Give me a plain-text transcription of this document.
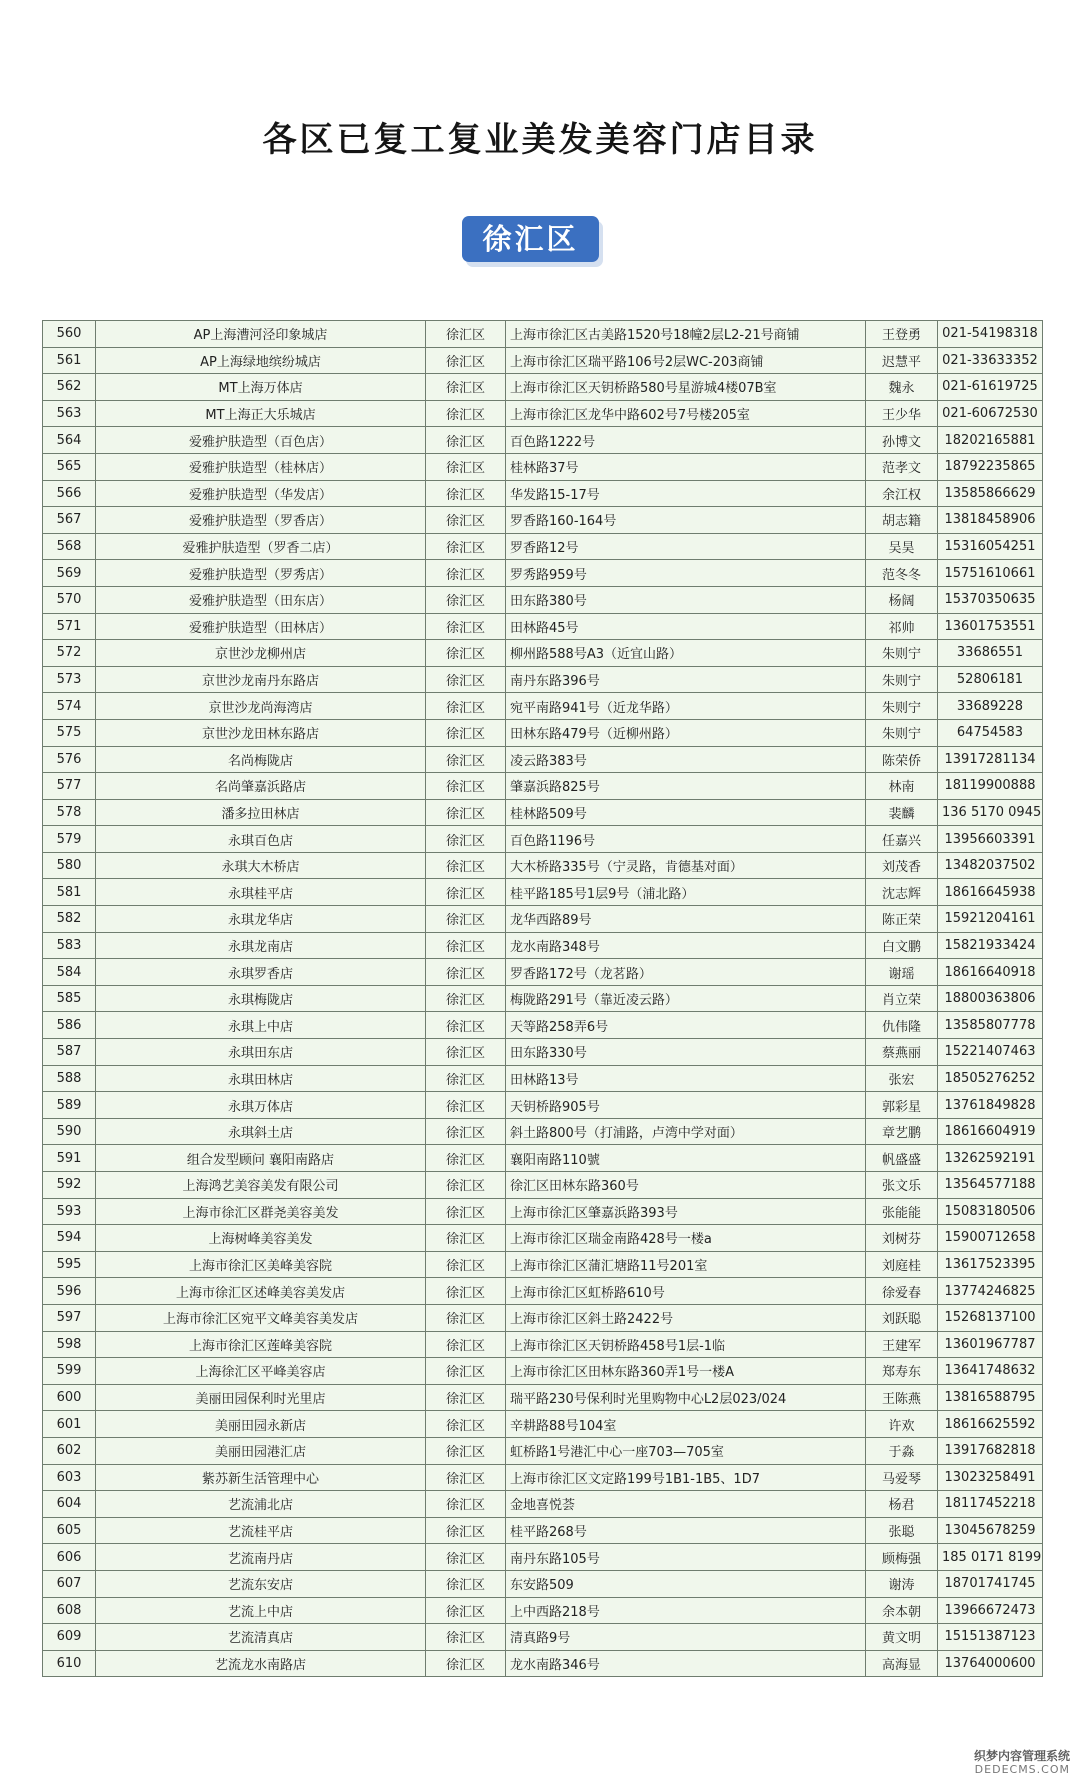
各区已复工复业美发美容门店目录
徐汇区
560	AP上海漕河泾印象城店	徐汇区	上海市徐汇区古美路1520号18幢2层L2-21号商铺	王登勇	021-54198318
561	AP上海绿地缤纷城店	徐汇区	上海市徐汇区瑞平路106号2层WC-203商铺	迟慧平	021-33633352
562	MT上海万体店	徐汇区	上海市徐汇区天钥桥路580号星游城4楼07B室	魏永	021-61619725
563	MT上海正大乐城店	徐汇区	上海市徐汇区龙华中路602号7号楼205室	王少华	021-60672530
564	爱雅护肤造型（百色店）	徐汇区	百色路1222号	孙博文	18202165881
565	爱雅护肤造型（桂林店）	徐汇区	桂林路37号	范孝文	18792235865
566	爱雅护肤造型（华发店）	徐汇区	华发路15-17号	余江权	13585866629
567	爱雅护肤造型（罗香店）	徐汇区	罗香路160-164号	胡志籍	13818458906
568	爱雅护肤造型（罗香二店）	徐汇区	罗香路12号	吴昊	15316054251
569	爱雅护肤造型（罗秀店）	徐汇区	罗秀路959号	范冬冬	15751610661
570	爱雅护肤造型（田东店）	徐汇区	田东路380号	杨阔	15370350635
571	爱雅护肤造型（田林店）	徐汇区	田林路45号	祁帅	13601753551
572	京世沙龙柳州店	徐汇区	柳州路588号A3（近宜山路）	朱则宁	33686551
573	京世沙龙南丹东路店	徐汇区	南丹东路396号	朱则宁	52806181
574	京世沙龙尚海湾店	徐汇区	宛平南路941号（近龙华路）	朱则宁	33689228
575	京世沙龙田林东路店	徐汇区	田林东路479号（近柳州路）	朱则宁	64754583
576	名尚梅陇店	徐汇区	凌云路383号	陈荣侨	13917281134
577	名尚肇嘉浜路店	徐汇区	肇嘉浜路825号	林南	18119900888
578	潘多拉田林店	徐汇区	桂林路509号	裴麟	136 5170 0945
579	永琪百色店	徐汇区	百色路1196号	任嘉兴	13956603391
580	永琪大木桥店	徐汇区	大木桥路335号（宁灵路，肯德基对面）	刘茂香	13482037502
581	永琪桂平店	徐汇区	桂平路185号1层9号（浦北路）	沈志辉	18616645938
582	永琪龙华店	徐汇区	龙华西路89号	陈正荣	15921204161
583	永琪龙南店	徐汇区	龙水南路348号	白文鹏	15821933424
584	永琪罗香店	徐汇区	罗香路172号（龙茗路）	谢瑶	18616640918
585	永琪梅陇店	徐汇区	梅陇路291号（靠近凌云路）	肖立荣	18800363806
586	永琪上中店	徐汇区	天等路258弄6号	仇伟隆	13585807778
587	永琪田东店	徐汇区	田东路330号	蔡燕丽	15221407463
588	永琪田林店	徐汇区	田林路13号	张宏	18505276252
589	永琪万体店	徐汇区	天钥桥路905号	郭彩星	13761849828
590	永琪斜土店	徐汇区	斜土路800号（打浦路，卢湾中学对面）	章艺鹏	18616604919
591	组合发型顾问 襄阳南路店	徐汇区	襄阳南路110號	帆盛盛	13262592191
592	上海鸿艺美容美发有限公司	徐汇区	徐汇区田林东路360号	张文乐	13564577188
593	上海市徐汇区群尧美容美发	徐汇区	上海市徐汇区肇嘉浜路393号	张能能	15083180506
594	上海树峰美容美发	徐汇区	上海市徐汇区瑞金南路428号一楼a	刘树芬	15900712658
595	上海市徐汇区美峰美容院	徐汇区	上海市徐汇区蒲汇塘路11号201室	刘庭桂	13617523395
596	上海市徐汇区述峰美容美发店	徐汇区	上海市徐汇区虹桥路610号	徐爱春	13774246825
597	上海市徐汇区宛平文峰美容美发店	徐汇区	上海市徐汇区斜土路2422号	刘跃聪	15268137100
598	上海市徐汇区莲峰美容院	徐汇区	上海市徐汇区天钥桥路458号1层-1临	王建军	13601967787
599	上海徐汇区平峰美容店	徐汇区	上海市徐汇区田林东路360弄1号一楼A	郑寿东	13641748632
600	美丽田园保利时光里店	徐汇区	瑞平路230号保利时光里购物中心L2层023/024	王陈燕	13816588795
601	美丽田园永新店	徐汇区	辛耕路88号104室	许欢	18616625592
602	美丽田园港汇店	徐汇区	虹桥路1号港汇中心一座703—705室	于淼	13917682818
603	紫苏新生活管理中心	徐汇区	上海市徐汇区文定路199号1B1-1B5、1D7	马爱琴	13023258491
604	艺流浦北店	徐汇区	金地喜悦荟	杨君	18117452218
605	艺流桂平店	徐汇区	桂平路268号	张聪	13045678259
606	艺流南丹店	徐汇区	南丹东路105号	顾梅强	185 0171 8199
607	艺流东安店	徐汇区	东安路509	谢涛	18701741745
608	艺流上中店	徐汇区	上中西路218号	余本朝	13966672473
609	艺流清真店	徐汇区	清真路9号	黄文明	15151387123
610	艺流龙水南路店	徐汇区	龙水南路346号	高海显	13764000600
织梦内容管理系统
DEDECMS.COM
